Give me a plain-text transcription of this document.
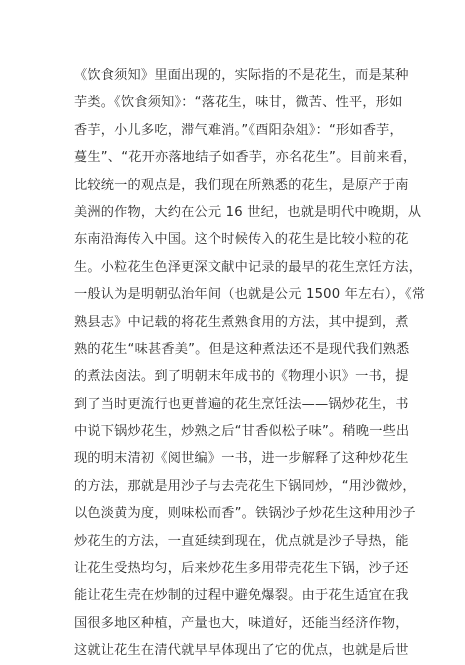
《饮食须知》里面出现的，实际指的不是花生，而是某种
芋类。《饮食须知》：“落花生，味甘，微苦、性平，形如
香芋，小儿多吃，滞气难消。”《酉阳杂俎》：“形如香芋，
蔓生”、“花开亦落地结子如香芋，亦名花生”。目前来看，
比较统一的观点是，我们现在所熟悉的花生，是原产于南
美洲的作物，大约在公元 16 世纪，也就是明代中晚期，从
东南沿海传入中国。这个时候传入的花生是比较小粒的花
生。小粒花生色泽更深文献中记录的最早的花生烹饪方法，
一般认为是明朝弘治年间（也就是公元 1500 年左右），《常
熟县志》中记载的将花生煮熟食用的方法，其中提到，煮
熟的花生“味甚香美”。但是这种煮法还不是现代我们熟悉
的煮法卤法。到了明朝末年成书的《物理小识》一书，提
到了当时更流行也更普遍的花生烹饪法——锅炒花生，书
中说下锅炒花生，炒熟之后“甘香似松子味”。稍晚一些出
现的明末清初《阅世编》一书，进一步解释了这种炒花生
的方法，那就是用沙子与去壳花生下锅同炒，“用沙微炒，
以色淡黄为度，则味松而香”。铁锅沙子炒花生这种用沙子
炒花生的方法，一直延续到现在，优点就是沙子导热，能
让花生受热均匀，后来炒花生多用带壳花生下锅，沙子还
能让花生壳在炒制的过程中避免爆裂。由于花生适宜在我
国很多地区种植，产量也大，味道好，还能当经济作物，
这就让花生在清代就早早体现出了它的优点，也就是后世
